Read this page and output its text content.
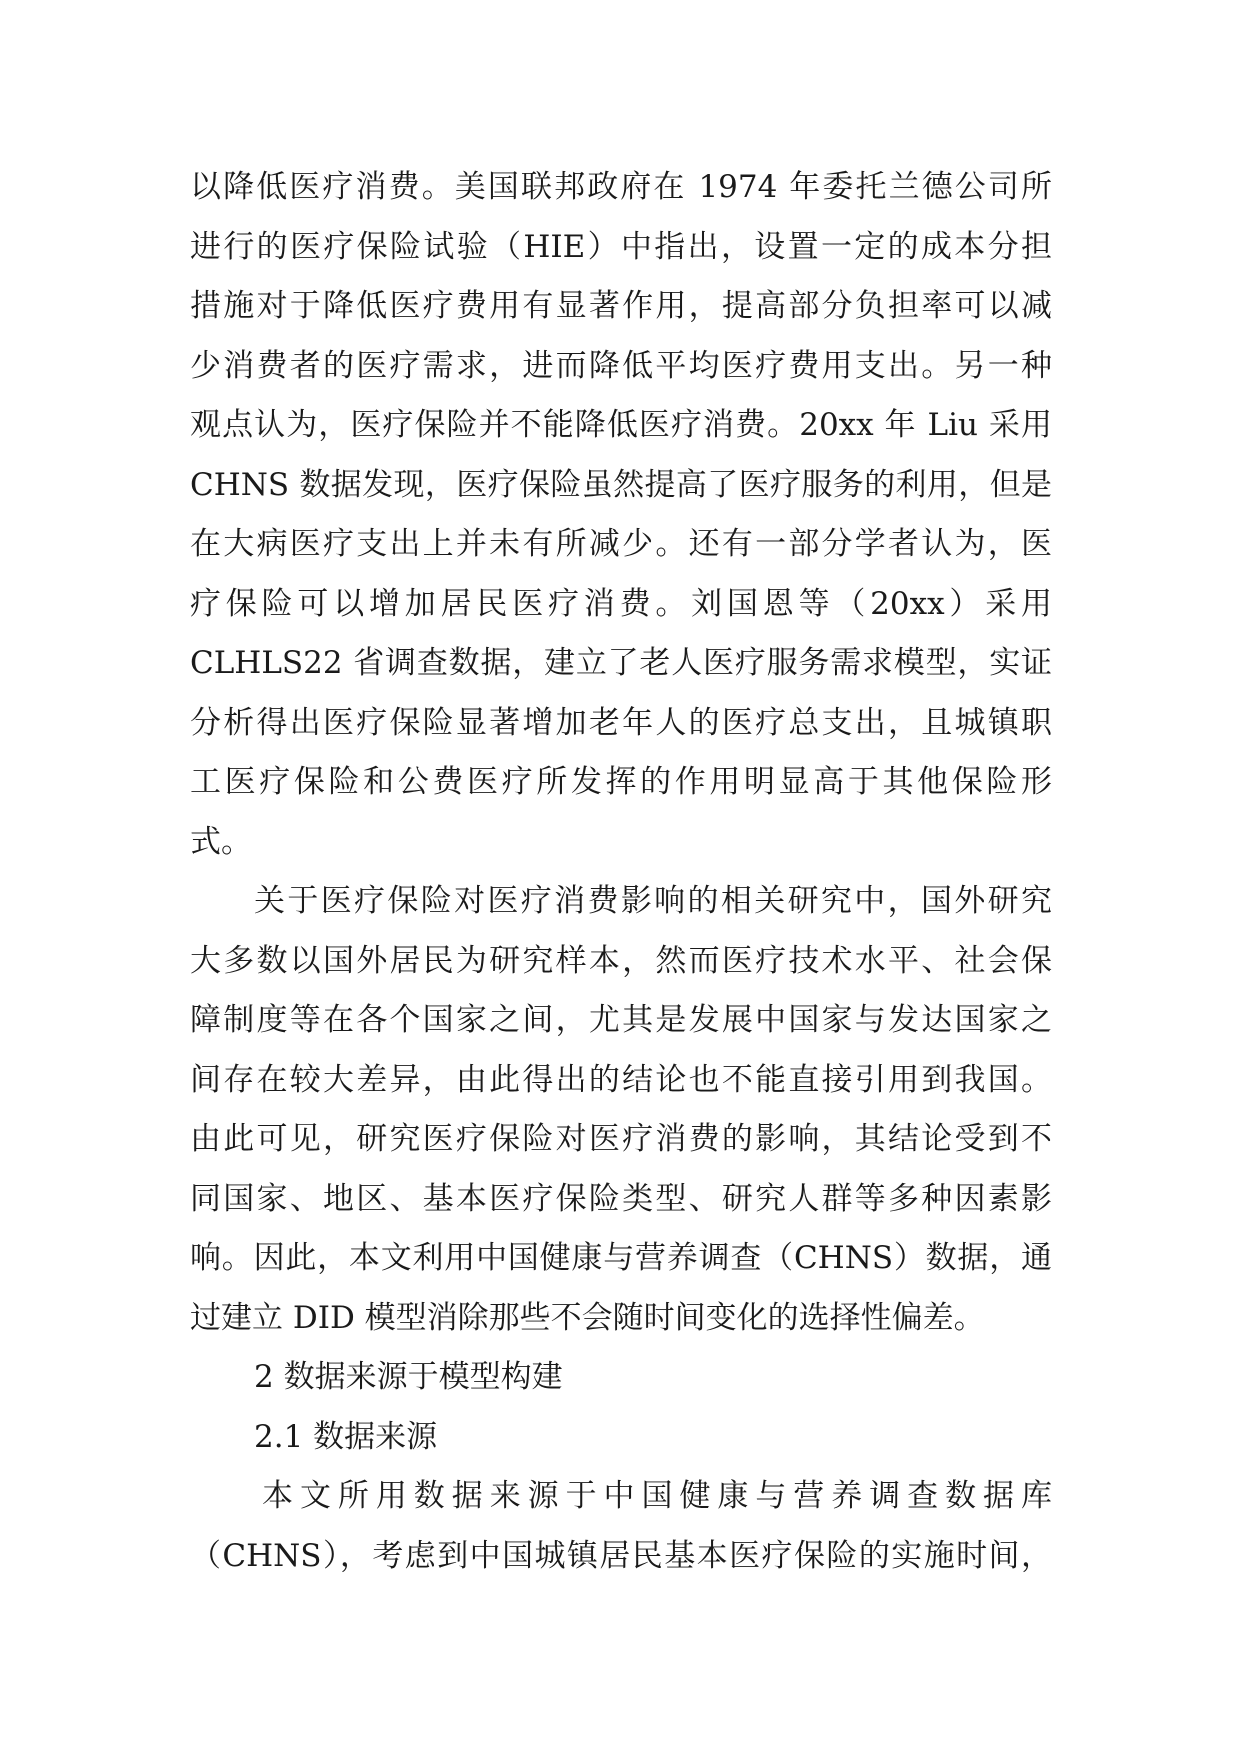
以降低医疗消费。美国联邦政府在 1974 年委托兰德公司所
进行的医疗保险试验（HIE）中指出，设置一定的成本分担
措施对于降低医疗费用有显著作用，提高部分负担率可以减
少消费者的医疗需求，进而降低平均医疗费用支出。另一种
观点认为，医疗保险并不能降低医疗消费。20xx 年 Liu 采用
CHNS 数据发现，医疗保险虽然提高了医疗服务的利用，但是
在大病医疗支出上并未有所减少。还有一部分学者认为，医
疗保险可以增加居民医疗消费。刘国恩等（20xx）采用
CLHLS22 省调查数据，建立了老人医疗服务需求模型，实证
分析得出医疗保险显著增加老年人的医疗总支出，且城镇职
工医疗保险和公费医疗所发挥的作用明显高于其他保险形
式。
关于医疗保险对医疗消费影响的相关研究中，国外研究
大多数以国外居民为研究样本，然而医疗技术水平、社会保
障制度等在各个国家之间，尤其是发展中国家与发达国家之
间存在较大差异，由此得出的结论也不能直接引用到我国。
由此可见，研究医疗保险对医疗消费的影响，其结论受到不
同国家、地区、基本医疗保险类型、研究人群等多种因素影
响。因此，本文利用中国健康与营养调查（CHNS）数据，通
过建立 DID 模型消除那些不会随时间变化的选择性偏差。
2 数据来源于模型构建
2.1 数据来源
本文所用数据来源于中国健康与营养调查数据库
（CHNS），考虑到中国城镇居民基本医疗保险的实施时间，
